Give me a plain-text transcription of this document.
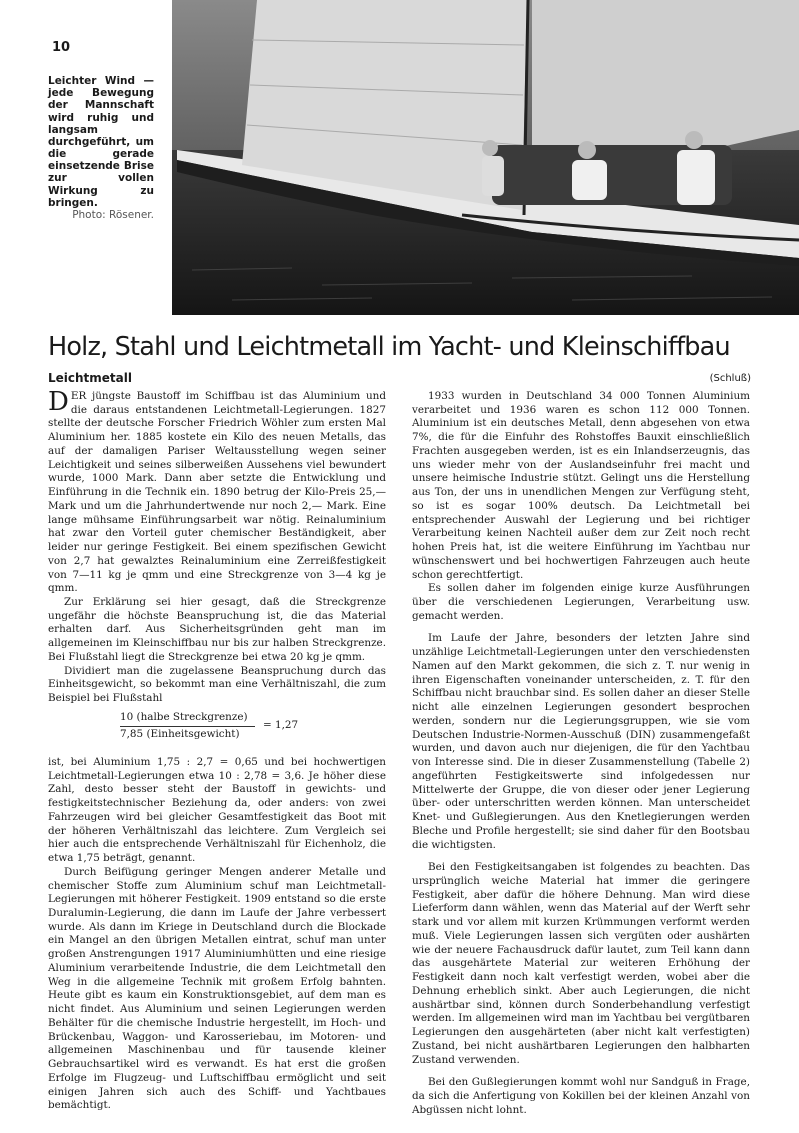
10
Leichter Wind — jede Bewegung der Mannschaft wird ruhig und langsam durchgeführt, um die gerade einsetzende Brise zur vollen Wirkung zu bringen.
Photo: Rösener.
Holz, Stahl und Leichtmetall im Yacht- und Kleinschiffbau
Leichtmetall	(Schluß)

DER jüngste Baustoff im Schiffbau ist das Aluminium und die daraus entstandenen Leichtmetall-Legierungen. 1827 stellte der deutsche Forscher Friedrich Wöhler zum ersten Mal Aluminium her. 1885 kostete ein Kilo des neuen Metalls, das auf der damaligen Pariser Weltausstellung wegen seiner Leichtigkeit und seines silberweißen Aussehens viel bewundert wurde, 1000 Mark. Dann aber setzte die Entwicklung und Einführung in die Technik ein. 1890 betrug der Kilo-Preis 25,— Mark und um die Jahrhundertwende nur noch 2,— Mark. Eine lange mühsame Einführungsarbeit war nötig. Reinaluminium hat zwar den Vorteil guter chemischer Beständigkeit, aber leider nur geringe Festigkeit. Bei einem spezifischen Gewicht von 2,7 hat gewalztes Reinaluminium eine Zerreißfestigkeit von 7—11 kg je qmm und eine Streckgrenze von 3—4 kg je qmm.

Zur Erklärung sei hier gesagt, daß die Streckgrenze ungefähr die höchste Beanspruchung ist, die das Material erhalten darf. Aus Sicherheitsgründen geht man im allgemeinen im Kleinschiffbau nur bis zur halben Streckgrenze. Bei Flußstahl liegt die Streckgrenze bei etwa 20 kg je qmm.

Dividiert man die zugelassene Beanspruchung durch das Einheitsgewicht, so bekommt man eine Verhältniszahl, die zum Beispiel bei Flußstahl

10 (halbe Streckgrenze)
7,85 (Einheitsgewicht)
= 1,27

ist, bei Aluminium 1,75 : 2,7 = 0,65 und bei hochwertigen Leichtmetall-Legierungen etwa 10 : 2,78 = 3,6. Je höher diese Zahl, desto besser steht der Baustoff in gewichts- und festigkeitstechnischer Beziehung da, oder anders: von zwei Fahrzeugen wird bei gleicher Gesamtfestigkeit das Boot mit der höheren Verhältniszahl das leichtere. Zum Vergleich sei hier auch die entsprechende Verhältniszahl für Eichenholz, die etwa 1,75 beträgt, genannt.

Durch Beifügung geringer Mengen anderer Metalle und chemischer Stoffe zum Aluminium schuf man Leichtmetall-Legierungen mit höherer Festigkeit. 1909 entstand so die erste Duralumin-Legierung, die dann im Laufe der Jahre verbessert wurde. Als dann im Kriege in Deutschland durch die Blockade ein Mangel an den übrigen Metallen eintrat, schuf man unter großen Anstrengungen 1917 Aluminiumhütten und eine riesige Aluminium verarbeitende Industrie, die dem Leichtmetall den Weg in die allgemeine Technik mit großem Erfolg bahnten. Heute gibt es kaum ein Konstruktionsgebiet, auf dem man es nicht findet. Aus Aluminium und seinen Legierungen werden Behälter für die chemische Industrie hergestellt, im Hoch- und Brückenbau, Waggon- und Karosseriebau, im Motoren- und allgemeinen Maschinenbau und für tausende kleiner Gebrauchsartikel wird es verwandt. Es hat erst die großen Erfolge im Flugzeug- und Luftschiffbau ermöglicht und seit einigen Jahren sich auch des Schiff- und Yachtbaues bemächtigt.

1933 wurden in Deutschland 34 000 Tonnen Aluminium verarbeitet und 1936 waren es schon 112 000 Tonnen. Aluminium ist ein deutsches Metall, denn abgesehen von etwa 7%, die für die Einfuhr des Rohstoffes Bauxit einschließlich Frachten ausgegeben werden, ist es ein Inlandserzeugnis, das uns wieder mehr von der Auslandseinfuhr frei macht und unsere heimische Industrie stützt. Gelingt uns die Herstellung aus Ton, der uns in unendlichen Mengen zur Verfügung steht, so ist es sogar 100% deutsch. Da Leichtmetall bei entsprechender Auswahl der Legierung und bei richtiger Verarbeitung keinen Nachteil außer dem zur Zeit noch recht hohen Preis hat, ist die weitere Einführung im Yachtbau nur wünschenswert und bei hochwertigen Fahrzeugen auch heute schon gerechtfertigt.

Es sollen daher im folgenden einige kurze Ausführungen über die verschiedenen Legierungen, Verarbeitung usw. gemacht werden.

Im Laufe der Jahre, besonders der letzten Jahre sind unzählige Leichtmetall-Legierungen unter den verschiedensten Namen auf den Markt gekommen, die sich z. T. nur wenig in ihren Eigenschaften voneinander unterscheiden, z. T. für den Schiffbau nicht brauchbar sind. Es sollen daher an dieser Stelle nicht alle einzelnen Legierungen gesondert besprochen werden, sondern nur die Legierungsgruppen, wie sie vom Deutschen Industrie-Normen-Ausschuß (DIN) zusammengefaßt wurden, und davon auch nur diejenigen, die für den Yachtbau von Interesse sind. Die in dieser Zusammenstellung (Tabelle 2) angeführten Festigkeitswerte sind infolgedessen nur Mittelwerte der Gruppe, die von dieser oder jener Legierung über- oder unterschritten werden können. Man unterscheidet Knet- und Gußlegierungen. Aus den Knetlegierungen werden Bleche und Profile hergestellt; sie sind daher für den Bootsbau die wichtigsten.

Bei den Festigkeitsangaben ist folgendes zu beachten. Das ursprünglich weiche Material hat immer die geringere Festigkeit, aber dafür die höhere Dehnung. Man wird diese Lieferform dann wählen, wenn das Material auf der Werft sehr stark und vor allem mit kurzen Krümmungen verformt werden muß. Viele Legierungen lassen sich vergüten oder aushärten wie der neuere Fachausdruck dafür lautet, zum Teil kann dann das ausgehärtete Material zur weiteren Erhöhung der Festigkeit dann noch kalt verfestigt werden, wobei aber die Dehnung erheblich sinkt. Aber auch Legierungen, die nicht aushärtbar sind, können durch Sonderbehandlung verfestigt werden. Im allgemeinen wird man im Yachtbau bei vergütbaren Legierungen den ausgehärteten (aber nicht kalt verfestigten) Zustand, bei nicht aushärtbaren Legierungen den halbharten Zustand verwenden.

Bei den Gußlegierungen kommt wohl nur Sandguß in Frage, da sich die Anfertigung von Kokillen bei der kleinen Anzahl von Abgüssen nicht lohnt.
